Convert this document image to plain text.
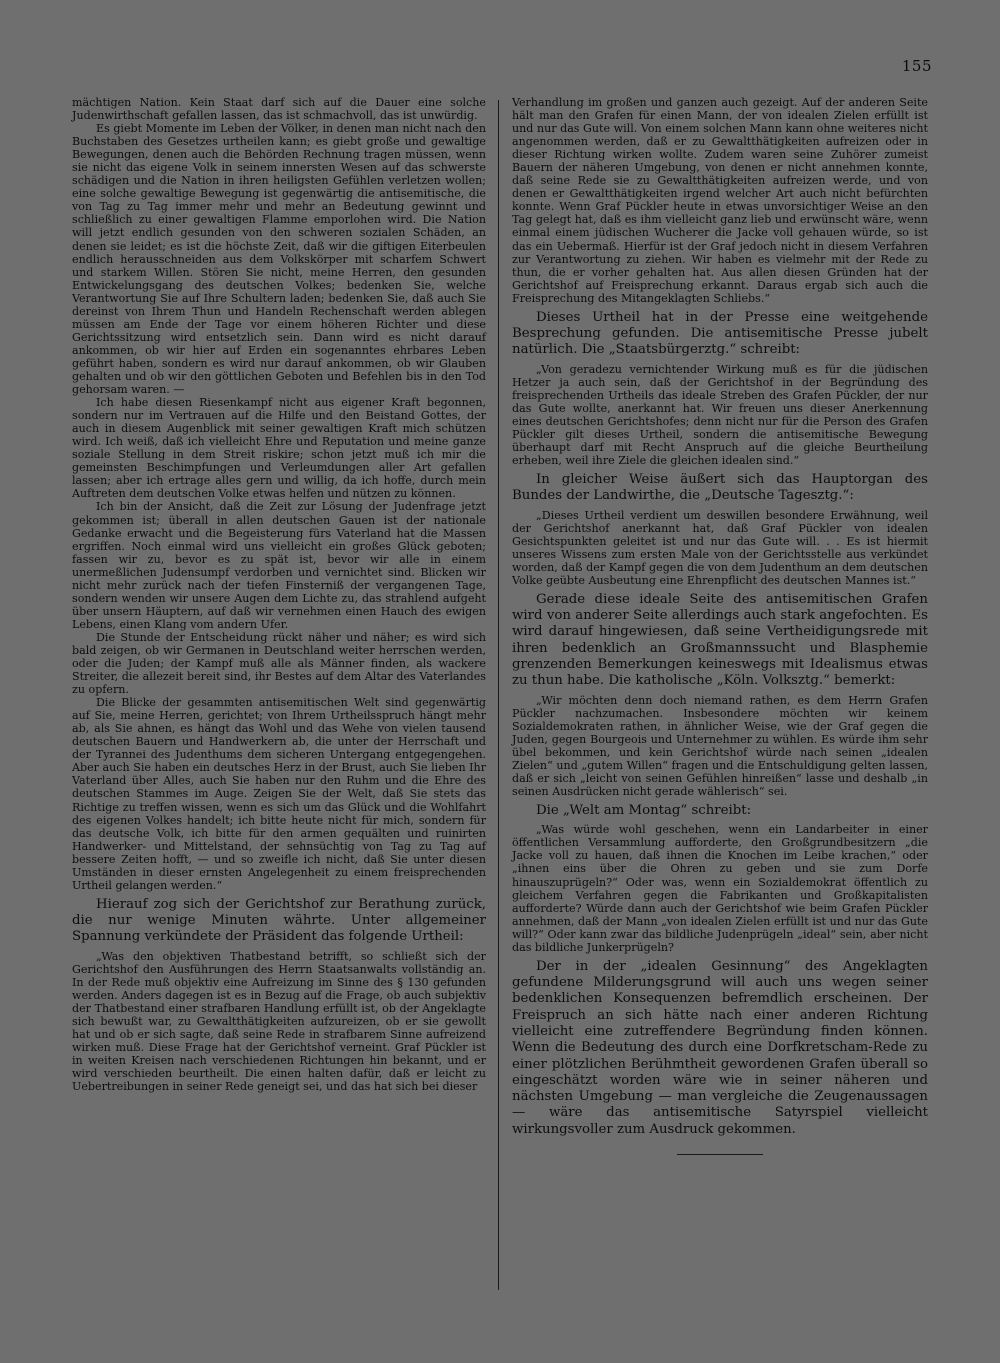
155

mächtigen Nation. Kein Staat darf sich auf die Dauer eine solche Judenwirthschaft gefallen lassen, das ist schmachvoll, das ist unwürdig.

Es giebt Momente im Leben der Völker, in denen man nicht nach den Buchstaben des Gesetzes urtheilen kann; es giebt große und gewaltige Bewegungen, denen auch die Behörden Rechnung tragen müssen, wenn sie nicht das eigene Volk in seinem innersten Wesen auf das schwerste schädigen und die Nation in ihren heiligsten Gefühlen verletzen wollen; eine solche gewaltige Bewegung ist gegenwärtig die antisemitische, die von Tag zu Tag immer mehr und mehr an Bedeutung gewinnt und schließlich zu einer gewaltigen Flamme emporlohen wird. Die Nation will jetzt endlich gesunden von den schweren sozialen Schäden, an denen sie leidet; es ist die höchste Zeit, daß wir die giftigen Eiterbeulen endlich herausschneiden aus dem Volkskörper mit scharfem Schwert und starkem Willen. Stören Sie nicht, meine Herren, den gesunden Entwickelungsgang des deutschen Volkes; bedenken Sie, welche Verantwortung Sie auf Ihre Schultern laden; bedenken Sie, daß auch Sie dereinst von Ihrem Thun und Handeln Rechenschaft werden ablegen müssen am Ende der Tage vor einem höheren Richter und diese Gerichtssitzung wird entsetzlich sein. Dann wird es nicht darauf ankommen, ob wir hier auf Erden ein sogenanntes ehrbares Leben geführt haben, sondern es wird nur darauf ankommen, ob wir Glauben gehalten und ob wir den göttlichen Geboten und Befehlen bis in den Tod gehorsam waren. —

Ich habe diesen Riesenkampf nicht aus eigener Kraft begonnen, sondern nur im Vertrauen auf die Hilfe und den Beistand Gottes, der auch in diesem Augenblick mit seiner gewaltigen Kraft mich schützen wird. Ich weiß, daß ich vielleicht Ehre und Reputation und meine ganze soziale Stellung in dem Streit riskire; schon jetzt muß ich mir die gemeinsten Beschimpfungen und Verleumdungen aller Art gefallen lassen; aber ich ertrage alles gern und willig, da ich hoffe, durch mein Auftreten dem deutschen Volke etwas helfen und nützen zu können.

Ich bin der Ansicht, daß die Zeit zur Lösung der Judenfrage jetzt gekommen ist; überall in allen deutschen Gauen ist der nationale Gedanke erwacht und die Begeisterung fürs Vaterland hat die Massen ergriffen. Noch einmal wird uns vielleicht ein großes Glück geboten; fassen wir zu, bevor es zu spät ist, bevor wir alle in einem unermeßlichen Judensumpf verdorben und vernichtet sind. Blicken wir nicht mehr zurück nach der tiefen Finsterniß der vergangenen Tage, sondern wenden wir unsere Augen dem Lichte zu, das strahlend aufgeht über unsern Häuptern, auf daß wir vernehmen einen Hauch des ewigen Lebens, einen Klang vom andern Ufer.

Die Stunde der Entscheidung rückt näher und näher; es wird sich bald zeigen, ob wir Germanen in Deutschland weiter herrschen werden, oder die Juden; der Kampf muß alle als Männer finden, als wackere Streiter, die allezeit bereit sind, ihr Bestes auf dem Altar des Vaterlandes zu opfern.

Die Blicke der gesammten antisemitischen Welt sind gegenwärtig auf Sie, meine Herren, gerichtet; von Ihrem Urtheilsspruch hängt mehr ab, als Sie ahnen, es hängt das Wohl und das Wehe von vielen tausend deutschen Bauern und Handwerkern ab, die unter der Herrschaft und der Tyrannei des Judenthums dem sicheren Untergang entgegengehen. Aber auch Sie haben ein deutsches Herz in der Brust, auch Sie lieben Ihr Vaterland über Alles, auch Sie haben nur den Ruhm und die Ehre des deutschen Stammes im Auge. Zeigen Sie der Welt, daß Sie stets das Richtige zu treffen wissen, wenn es sich um das Glück und die Wohlfahrt des eigenen Volkes handelt; ich bitte heute nicht für mich, sondern für das deutsche Volk, ich bitte für den armen gequälten und ruinirten Handwerker- und Mittelstand, der sehnsüchtig von Tag zu Tag auf bessere Zeiten hofft, — und so zweifle ich nicht, daß Sie unter diesen Umständen in dieser ernsten Angelegenheit zu einem freisprechenden Urtheil gelangen werden.“

Hierauf zog sich der Gerichtshof zur Berathung zurück, die nur wenige Minuten währte. Unter allgemeiner Spannung verkündete der Präsident das folgende Urtheil:

„Was den objektiven Thatbestand betrifft, so schließt sich der Gerichtshof den Ausführungen des Herrn Staatsanwalts vollständig an. In der Rede muß objektiv eine Aufreizung im Sinne des § 130 gefunden werden. Anders dagegen ist es in Bezug auf die Frage, ob auch subjektiv der Thatbestand einer strafbaren Handlung erfüllt ist, ob der Angeklagte sich bewußt war, zu Gewaltthätigkeiten aufzureizen, ob er sie gewollt hat und ob er sich sagte, daß seine Rede in strafbarem Sinne aufreizend wirken muß. Diese Frage hat der Gerichtshof verneint. Graf Pückler ist in weiten Kreisen nach verschiedenen Richtungen hin bekannt, und er wird verschieden beurtheilt. Die einen halten dafür, daß er leicht zu Uebertreibungen in seiner Rede geneigt sei, und das hat sich bei dieser

Verhandlung im großen und ganzen auch gezeigt. Auf der anderen Seite hält man den Grafen für einen Mann, der von idealen Zielen erfüllt ist und nur das Gute will. Von einem solchen Mann kann ohne weiteres nicht angenommen werden, daß er zu Gewaltthätigkeiten aufreizen oder in dieser Richtung wirken wollte. Zudem waren seine Zuhörer zumeist Bauern der näheren Umgebung, von denen er nicht annehmen konnte, daß seine Rede sie zu Gewaltthätigkeiten aufreizen werde, und von denen er Gewaltthätigkeiten irgend welcher Art auch nicht befürchten konnte. Wenn Graf Pückler heute in etwas unvorsichtiger Weise an den Tag gelegt hat, daß es ihm vielleicht ganz lieb und erwünscht wäre, wenn einmal einem jüdischen Wucherer die Jacke voll gehauen würde, so ist das ein Uebermaß. Hierfür ist der Graf jedoch nicht in diesem Verfahren zur Verantwortung zu ziehen. Wir haben es vielmehr mit der Rede zu thun, die er vorher gehalten hat. Aus allen diesen Gründen hat der Gerichtshof auf Freisprechung erkannt. Daraus ergab sich auch die Freisprechung des Mitangeklagten Schliebs.“

Dieses Urtheil hat in der Presse eine weitgehende Besprechung gefunden. Die antisemitische Presse jubelt natürlich. Die „Staatsbürgerztg.“ schreibt:

„Von geradezu vernichtender Wirkung muß es für die jüdischen Hetzer ja auch sein, daß der Gerichtshof in der Begründung des freisprechenden Urtheils das ideale Streben des Grafen Pückler, der nur das Gute wollte, anerkannt hat. Wir freuen uns dieser Anerkennung eines deutschen Gerichtshofes; denn nicht nur für die Person des Grafen Pückler gilt dieses Urtheil, sondern die antisemitische Bewegung überhaupt darf mit Recht Anspruch auf die gleiche Beurtheilung erheben, weil ihre Ziele die gleichen idealen sind.“

In gleicher Weise äußert sich das Hauptorgan des Bundes der Landwirthe, die „Deutsche Tagesztg.“:

„Dieses Urtheil verdient um deswillen besondere Erwähnung, weil der Gerichtshof anerkannt hat, daß Graf Pückler von idealen Gesichtspunkten geleitet ist und nur das Gute will. . . Es ist hiermit unseres Wissens zum ersten Male von der Gerichtsstelle aus verkündet worden, daß der Kampf gegen die von dem Judenthum an dem deutschen Volke geübte Ausbeutung eine Ehrenpflicht des deutschen Mannes ist.“

Gerade diese ideale Seite des antisemitischen Grafen wird von anderer Seite allerdings auch stark angefochten. Es wird darauf hingewiesen, daß seine Vertheidigungsrede mit ihren bedenklich an Großmannssucht und Blasphemie grenzenden Bemerkungen keineswegs mit Idealismus etwas zu thun habe. Die katholische „Köln. Volksztg.“ bemerkt:

„Wir möchten denn doch niemand rathen, es dem Herrn Grafen Pückler nachzumachen. Insbesondere möchten wir keinem Sozialdemokraten rathen, in ähnlicher Weise, wie der Graf gegen die Juden, gegen Bourgeois und Unternehmer zu wühlen. Es würde ihm sehr übel bekommen, und kein Gerichtshof würde nach seinen „idealen Zielen“ und „gutem Willen“ fragen und die Entschuldigung gelten lassen, daß er sich „leicht von seinen Gefühlen hinreißen“ lasse und deshalb „in seinen Ausdrücken nicht gerade wählerisch“ sei.

Die „Welt am Montag“ schreibt:

„Was würde wohl geschehen, wenn ein Landarbeiter in einer öffentlichen Versammlung aufforderte, den Großgrundbesitzern „die Jacke voll zu hauen, daß ihnen die Knochen im Leibe krachen,“ oder „ihnen eins über die Ohren zu geben und sie zum Dorfe hinauszuprügeln?“ Oder was, wenn ein Sozialdemokrat öffentlich zu gleichem Verfahren gegen die Fabrikanten und Großkapitalisten aufforderte? Würde dann auch der Gerichtshof wie beim Grafen Pückler annehmen, daß der Mann „von idealen Zielen erfüllt ist und nur das Gute will?“ Oder kann zwar das bildliche Judenprügeln „ideal“ sein, aber nicht das bildliche Junkerprügeln?

Der in der „idealen Gesinnung“ des Angeklagten gefundene Milderungsgrund will auch uns wegen seiner bedenklichen Konsequenzen befremdlich erscheinen. Der Freispruch an sich hätte nach einer anderen Richtung vielleicht eine zutreffendere Begründung finden können. Wenn die Bedeutung des durch eine Dorfkretscham-Rede zu einer plötzlichen Berühmtheit gewordenen Grafen überall so eingeschätzt worden wäre wie in seiner näheren und nächsten Umgebung — man vergleiche die Zeugenaussagen — wäre das antisemitische Satyrspiel vielleicht wirkungsvoller zum Ausdruck gekommen.
